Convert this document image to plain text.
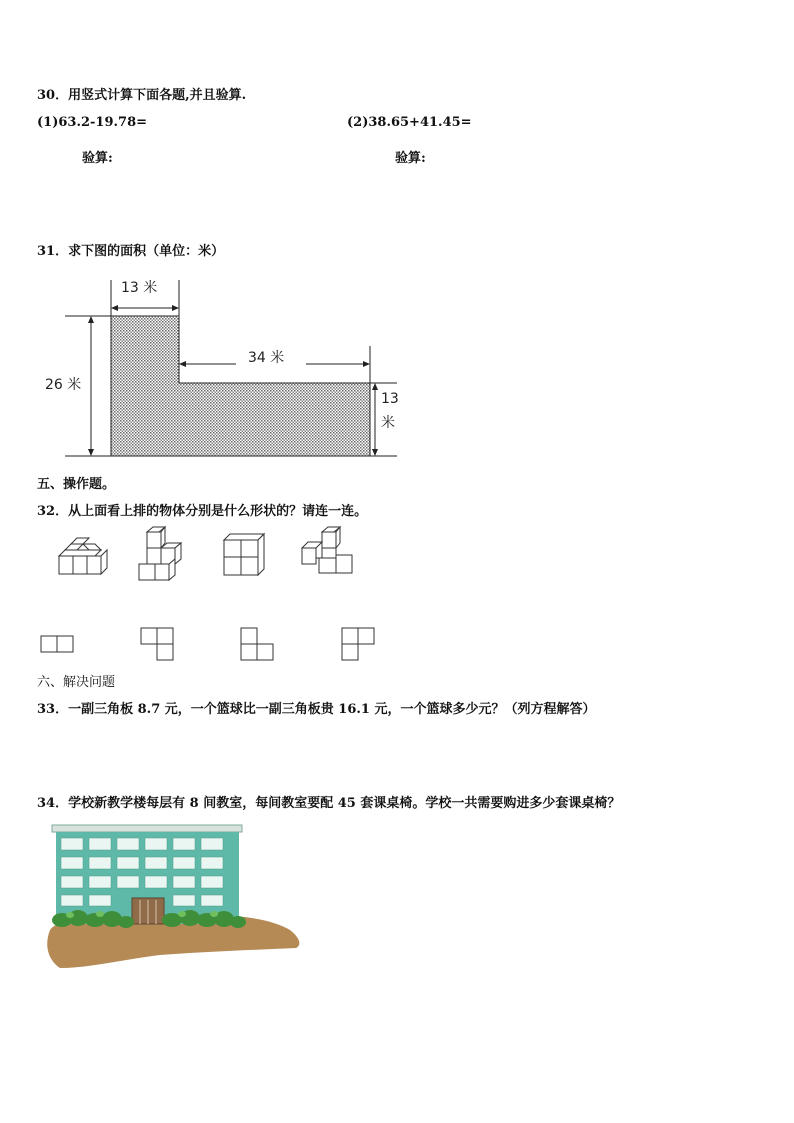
30．用竖式计算下面各题,并且验算.
(1)63.2-19.78=	(2)38.65+41.45=
验算:	验算:
31．求下图的面积（单位：米）
13 米
34 米
26 米
13
米
五、操作题。
32．从上面看上排的物体分别是什么形状的？请连一连。
六、解决问题
33．一副三角板 8.7 元，一个篮球比一副三角板贵 16.1 元，一个篮球多少元？（列方程解答）
34．学校新教学楼每层有 8 间教室，每间教室要配 45 套课桌椅。学校一共需要购进多少套课桌椅？
